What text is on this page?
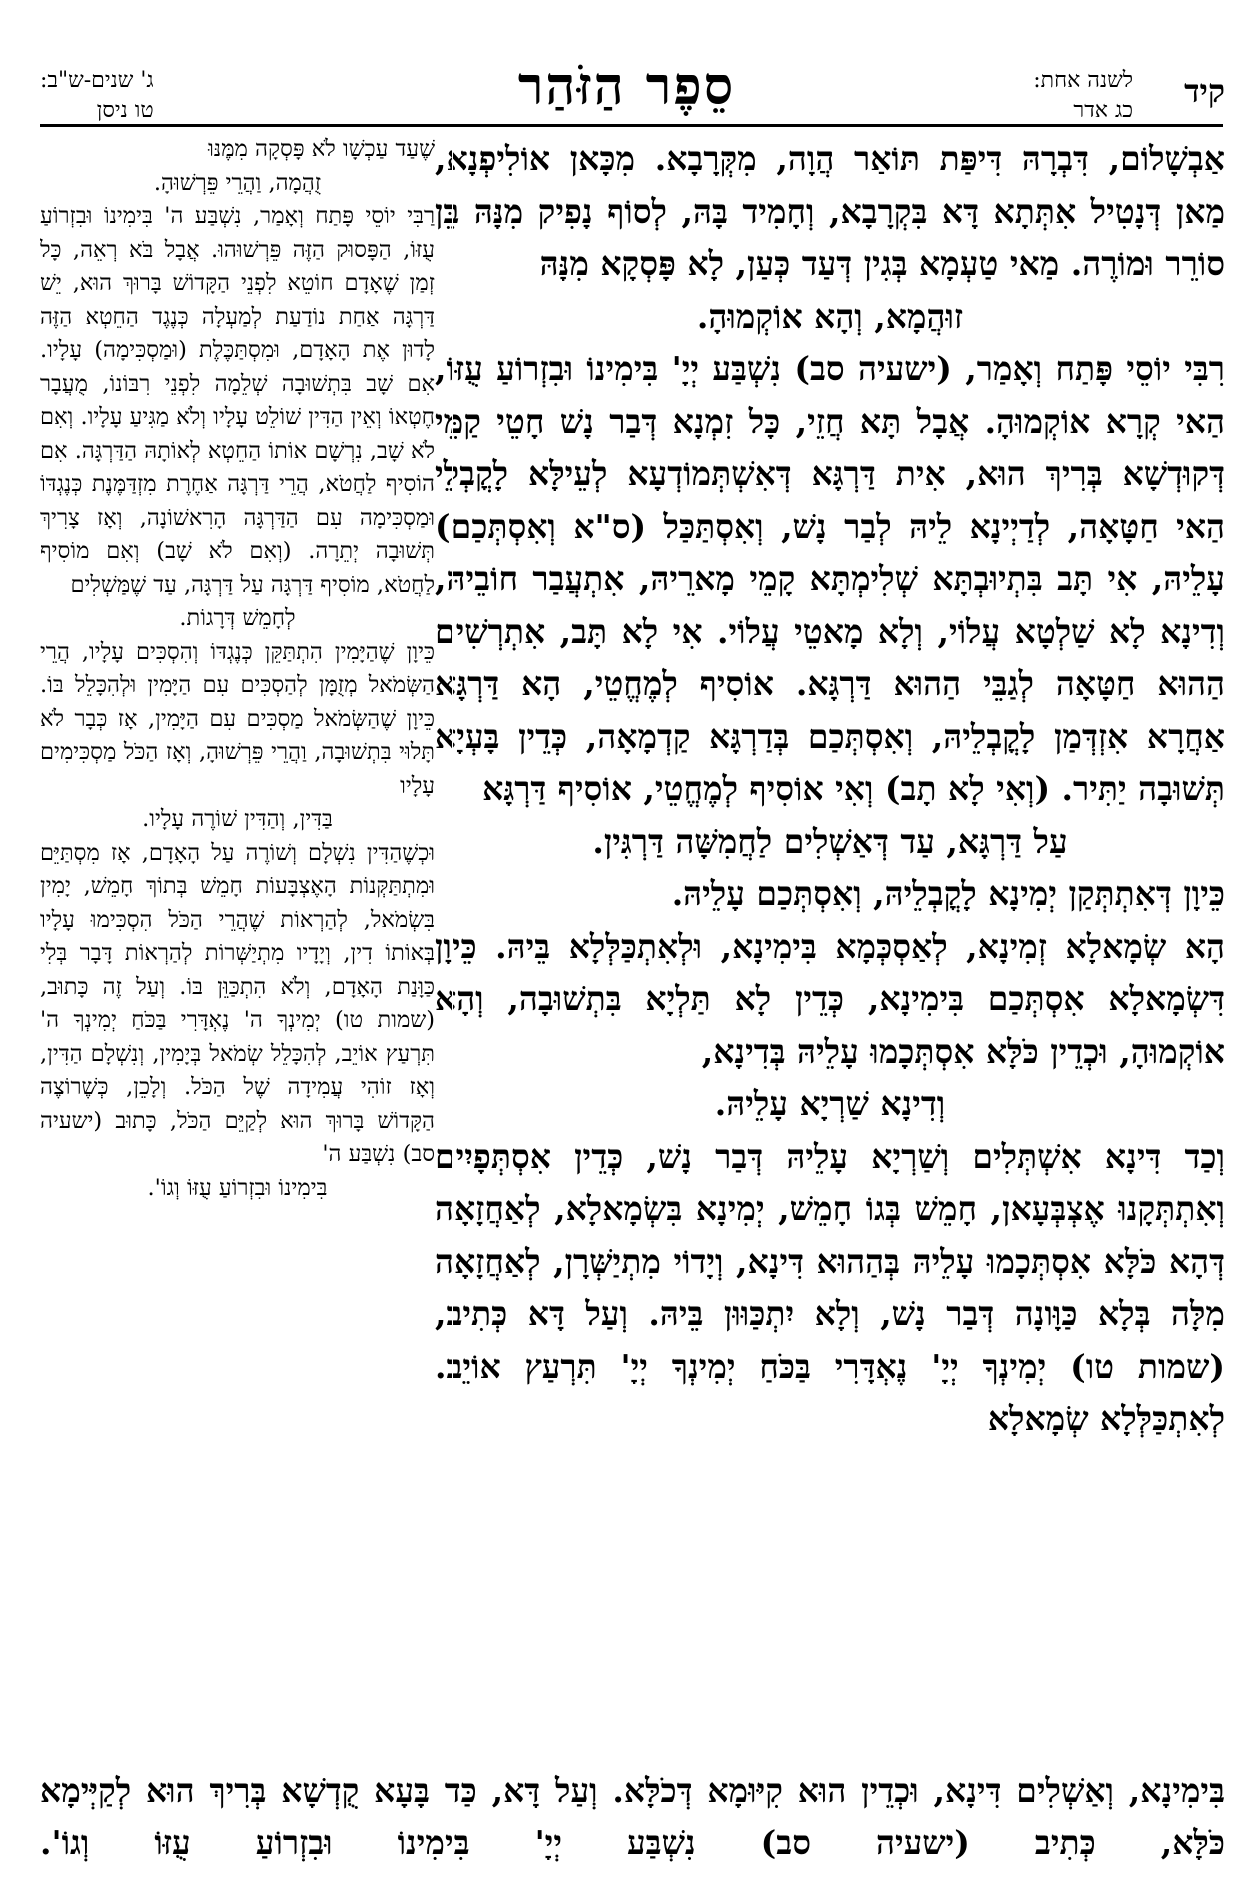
קיד
לשנה אחת:
כג אדר
סֵפֶר הַזֹּהַר
ג' שנים-ש"ב:
טו ניסן

אַבְשָׁלוֹם, דִּבְרָהּ דִּיפַּת תּוֹאַר הֲוָה, מִקְּרָבָא. מִכָּאן אוֹלִיפְנָא, מַאן דְּנָטִיל אִתְּתָא דָּא בִּקְרָבָא, וְחָמִיד בָּהּ, לְסוֹף נָפִיק מִנָּהּ בֵּן סוֹרֵר וּמוֹרֶה. מַאי טַעְמָא בְּגִין דְּעַד כְּעַן, לָא פָּסְקָא מִנָּהּ

זוּהֲמָא, וְהָא אוֹקְמוּהָ.

רִבִּי יוֹסֵי פָּתַח וְאָמַר, (ישעיה סב) נִשְׁבַּע יְיָ' בִּימִינוֹ וּבִזְרוֹעַ עֻזּוֹ, הַאי קְרָא אוֹקְמוּהָ. אֲבָל תָּא חֲזֵי, כָּל זִמְנָא דְּבַר נָשׁ חָטֵי קַמֵּי דְּקוּדְשָׁא בְּרִיךְ הוּא, אִית דַּרְגָּא דְּאִשְׁתְּמוֹדְעָא לְעֵילָּא לָקֳבְלֵי הַאי חַטָּאָה, לְדַיְינָא לֵיהּ לְבַר נָשׁ, וְאִסְתַּכַּל (ס"א וְאִסְתְּכַם) עָלֵיהּ, אִי תָּב בִּתְיוּבְתָּא שְׁלִימְתָּא קָמֵי מָארֵיהּ, אִתְעֲבַר חוֹבֵיהּ, וְדִינָא לָא שַׁלְטָא עֲלוֹי, וְלָא מָאטֵי עֲלוֹי. אִי לָא תָּב, אִתְרְשִׁים הַהוּא חַטָּאָה לְגַבֵּי הַהוּא דַּרְגָּא. אוֹסִיף לְמֶחֱטֵי, הָא דַּרְגָּא אַחֲרָא אִזְדְּמַן לָקֳבְלֵיהּ, וְאִסְתְּכַם בְּדַרְגָּא קַדְמָאָה, כְּדֵין בָּעְיָא תְּשׁוּבָה יַתִּיר. (וְאִי לָא תָב) וְאִי אוֹסִיף לְמֶחֱטֵי, אוֹסִיף דַּרְגָּא

עַל דַּרְגָּא, עַד דְּאַשְׁלִים לַחֲמִשָּׁה דַּרְגִּין.

כֵּיוָן דְּאִתְתְּקַן יְמִינָא לָקֳבְלֵיהּ, וְאִסְתְּכַם עָלֵיהּ.

הָא שְׂמָאלָא זְמִינָא, לְאַסְכְּמָא בִּימִינָא, וּלְאִתְכַּלְּלָא בֵּיהּ. כֵּיוָן דִּשְׂמָאלָא אִסְתְּכַם בִּימִינָא, כְּדֵין לָא תַּלְיָא בִּתְשׁוּבָה, וְהָא אוֹקְמוּהָ, וּכְדֵין כֹּלָּא אִסְתְּכָמוּ עָלֵיהּ בְּדִינָא,

וְדִינָא שַׁרְיָא עָלֵיהּ.

וְכַד דִּינָא אִשְׁתְּלִים וְשַׁרְיָא עָלֵיהּ דְּבַר נָשׁ, כְּדֵין אִסְתְּפָיִים וְאִתְתְּקָנוּ אֶצְבְּעָאן, חָמֵשׁ בְּגוֹ חָמֵשׁ, יְמִינָא בִּשְׂמָאלָא, לְאַחֲזָאָה דְּהָא כֹּלָּא אִסְתְּכָמוּ עָלֵיהּ בְּהַהוּא דִּינָא, וְיָדוֹי מִתְיַשְּׁרָן, לְאַחֲזָאָה מִלָּה בְּלָא כַּוָּונָה דְּבַר נָשׁ, וְלָא יִתְכַּוּוּן בֵּיהּ. וְעַל דָּא כְּתִיב, (שמות טו) יְמִינְךָ יְיָ' נֶאְדָּרִי בַּכֹּחַ יְמִינְךָ יְיָ' תִּרְעַץ אוֹיֵב. לְאִתְכַּלְּלָא שְׂמָאלָא

שֶׁעַד עַכְשָׁו לֹא פָּסְקָה מִמֶּנּוּ

זֻהֲמָה, וַהֲרֵי פֵּרְשׁוּהָ.

רַבִּי יוֹסֵי פָּתַח וְאָמַר, נִשְׁבַּע ה' בִּימִינוֹ וּבִזְרוֹעַ עֻזּוֹ, הַפָּסוּק הַזֶּה פֵּרְשׁוּהוּ. אֲבָל בֹּא רְאֵה, כָּל זְמַן שֶׁאָדָם חוֹטֵא לִפְנֵי הַקָּדוֹשׁ בָּרוּךְ הוּא, יֵשׁ דַּרְגָּה אַחַת נוֹדַעַת לְמַעְלָה כְּנֶגֶד הַחֵטְא הַזֶּה לָדוּן אֶת הָאָדָם, וּמִסְתַּכֶּלֶת (וּמַסְכִּימָה) עָלָיו. אִם שָׁב בִּתְשׁוּבָה שְׁלֵמָה לִפְנֵי רִבּוֹנוֹ, מֻעֲבָר חֶטְאוֹ וְאֵין הַדִּין שׁוֹלֵט עָלָיו וְלֹא מַגִּיעַ עָלָיו. וְאִם לֹא שָׁב, נִרְשָׁם אוֹתוֹ הַחֵטְא לְאוֹתָהּ הַדַּרְגָּה. אִם הוֹסִיף לַחֲטֹא, הֲרֵי דַּרְגָּה אַחֶרֶת מִזְדַּמֶּנֶת כְּנֶגְדּוֹ וּמַסְכִּימָה עִם הַדַּרְגָּה הָרִאשׁוֹנָה, וְאָז צָרִיךְ תְּשׁוּבָה יְתֵרָה. (וְאִם לֹא שָׁב) וְאִם מוֹסִיף לַחֲטֹא, מוֹסִיף דַּרְגָּה עַל דַּרְגָּה, עַד שֶׁמַּשְׁלִים

לְחָמֵשׁ דְּרָגוֹת.

כֵּיוָן שֶׁהַיָּמִין הִתְתַּקֵּן כְּנֶגְדּוֹ וְהִסְכִּים עָלָיו, הֲרֵי הַשְּׂמֹאל מְזֻמָּן לְהַסְכִּים עִם הַיָּמִין וּלְהִכָּלֵל בּוֹ. כֵּיוָן שֶׁהַשְּׂמֹאל מַסְכִּים עִם הַיָּמִין, אָז כְּבָר לֹא תָּלוּי בִּתְשׁוּבָה, וַהֲרֵי פֵּרְשׁוּהָ, וְאָז הַכֹּל מַסְכִּימִים עָלָיו

בַּדִּין, וְהַדִּין שׁוֹרֶה עָלָיו.

וּכְשֶׁהַדִּין נִשְׁלָם וְשׁוֹרֶה עַל הָאָדָם, אָז מִסְתַּיֵּם וּמִתְתַּקְּנוֹת הָאֶצְבָּעוֹת חָמֵשׁ בְּתוֹךְ חָמֵשׁ, יָמִין בִּשְׂמֹאל, לְהַרְאוֹת שֶׁהֲרֵי הַכֹּל הִסְכִּימוּ עָלָיו בְּאוֹתוֹ דִין, וְיָדָיו מִתְיַשְּׁרוֹת לְהַרְאוֹת דָּבָר בְּלִי כַּוָּנַת הָאָדָם, וְלֹא הִתְכַּוֵּן בּוֹ. וְעַל זֶה כָּתוּב, (שמות טו) יְמִינְךָ ה' נֶאְדָּרִי בַּכֹּחַ יְמִינְךָ ה' תִּרְעַץ אוֹיֵב, לְהִכָּלֵל שְׂמֹאל בְּיָמִין, וְנִשְׁלָם הַדִּין, וְאָז זוֹהִי עֲמִידָה שֶׁל הַכֹּל. וְלָכֵן, כְּשֶׁרוֹצֶה הַקָּדוֹשׁ בָּרוּךְ הוּא לְקַיֵּם הַכֹּל, כָּתוּב (ישעיה סב) נִשְׁבַּע ה'

בִּימִינוֹ וּבִזְרוֹעַ עֻזּוֹ וְגוֹ'.

בִּימִינָא, וְאַשְׁלִים דִּינָא, וּכְדֵין הוּא קִיּוּמָא דְּכֹלָּא. וְעַל דָּא, כַּד בָּעָא קֻדְשָׁא בְּרִיךְ הוּא לְקַיְּימָא כֹּלָּא, כְּתִיב (ישעיה סב) נִשְׁבַּע יְיָ' בִּימִינוֹ וּבִזְרוֹעַ עֻזּוֹ וְגוֹ'.
